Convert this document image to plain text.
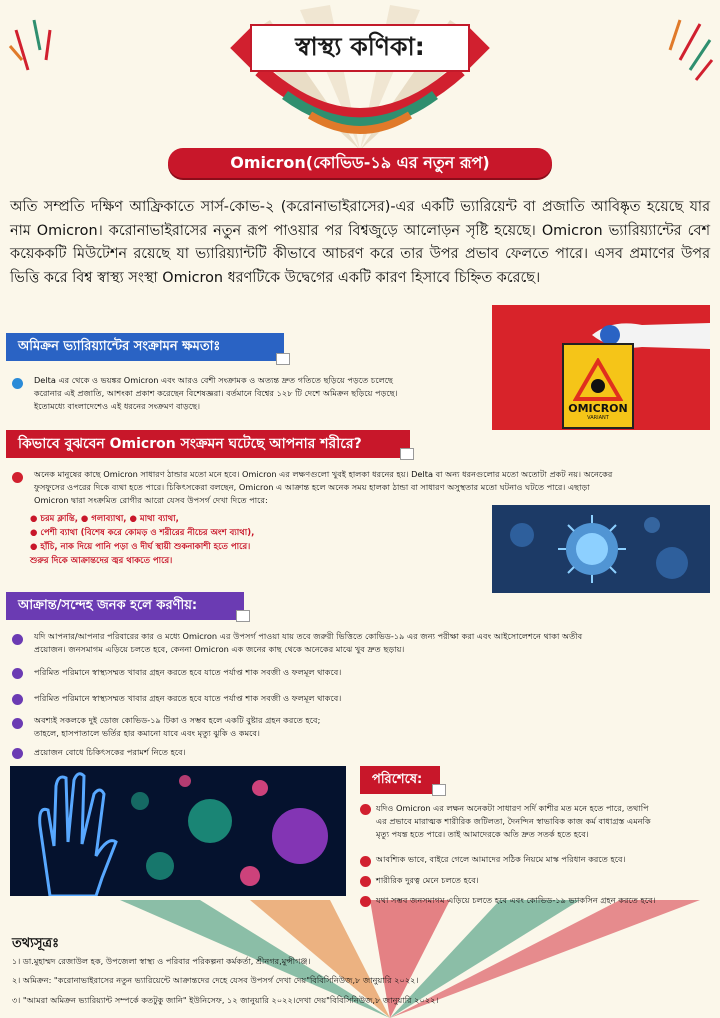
স্বাস্থ্য কণিকা:
Omicron(কোভিড-১৯ এর নতুন রূপ)

অতি সম্প্রতি দক্ষিণ আফ্রিকাতে সার্স-কোভ-২ (করোনাভাইরাসের)-এর একটি ভ্যারিয়েন্ট বা প্রজাতি আবিষ্কৃত হয়েছে যার নাম Omicron। করোনাভাইরাসের নতুন রূপ পাওয়ার পর বিশ্বজুড়ে আলোড়ন সৃষ্টি হয়েছে। Omicron ভ্যারিয়্যান্টের বেশ কয়েককটি মিউটেশন রয়েছে যা ভ্যারিয়্যান্টটি কীভাবে আচরণ করে তার উপর প্রভাব ফেলতে পারে। এসব প্রমাণের উপর ভিত্তি করে বিশ্ব স্বাস্থ্য সংস্থা Omicron ধরণটিকে উদ্বেগের একটি কারণ হিসাবে চিহ্নিত করেছে।

অমিক্রন ভ্যারিয়্যান্টের সংক্রামন ক্ষমতাঃ
Delta এর থেকে ও ভয়ঙ্কর Omicron এবং আরও বেশী সংক্রামক ও অত্যন্ত দ্রুত গতিতে ছড়িয়ে পড়তে চলেছে
করোনার এই প্রজাতি, আশংকা প্রকাশ করেছেন বিশেষজ্ঞরা। বর্তমানে বিশ্বের ১২৮ টি দেশে অমিক্রন ছড়িয়ে পড়ছে।
ইতোমধ্যে বাংলাদেশেও এই ধরনের সংক্রমণ বাড়ছে।	OMICRON
VARIANT
কিভাবে বুঝবেন Omicron সংক্রমন ঘটেছে আপনার শরীরে?
অনেক মানুষের কাছে Omicron সাধারণ ঠান্ডার মতো মনে হবে। Omicron এর লক্ষণগুলো খুবই হালকা ধরনের হয়। Delta বা অন্য ধরনগুলোর মতো অতোটা প্রকট নয়। অনেকের
ফুসফুসের ওপরের দিকে ব্যথা হতে পারে। চিকিৎসকেরা বলছেন, Omicron এ আক্রান্ত হলে অনেক সময় হালকা ঠান্ডা বা সাধারণ অসুস্থতার মতো ঘটনাও ঘটতে পারে। এছাড়া
Omicron দ্বারা সংক্রমিত রোগীর আরো যেসব উপসর্গ দেখা দিতে পারে:
● চরম ক্লান্তি, ● গলাব্যাথা, ● মাথা ব্যাথা,
● পেশী ব্যাথা (বিশেষ করে কোমড় ও শরীরের নীচের অংশ ব্যাথা),
● হাঁচি, নাক দিয়ে পানি পড়া ও দীর্ঘ স্থায়ী শুকনাকাশী হতে পারে।
শুরুর দিকে আক্রান্তদের জ্বর থাকতে পারে।
আক্রান্ত/সন্দেহ জনক হলে করণীয়:
যদি আপনার/আপনার পরিবারের কার ও মধ্যে Omicron এর উপসর্গ পাওয়া যায় তবে জরুরী ভিত্তিতে কোভিড-১৯ এর জন্য পরীক্ষা করা এবং আইসোলেশনে থাকা অতীব
প্রয়োজন। জনসমাগম এড়িয়ে চলতে হবে, কেননা Omicron এক জনের কাছ থেকে অনেকের মাঝে খুব দ্রুত ছড়ায়।
পরিমিত পরিমানে স্বাস্থ্যসম্মত খাবার গ্রহন করতে হবে যাতে পর্যাপ্ত শাক সবজী ও ফলমূল থাকবে।
পরিমিত পরিমানে স্বাস্থ্যসম্মত খাবার গ্রহন করতে হবে যাতে পর্যাপ্ত শাক সবজী ও ফলমূল থাকবে।
অবশ্যই সকলকে দুই ডোজ কোভিড-১৯ টিকা ও সম্ভব হলে একটি বুষ্টার গ্রহন করতে হবে;
তাহলে, হাসপাতালে ভর্তির হার কমানো যাবে এবং মৃত্যু ঝুকি ও কমবে।
প্রয়োজন বোধে চিকিৎসকের পরামর্শ নিতে হবে।
পরিশেষে:
যদিও Omicron এর লক্ষন অনেকটা সাধারণ সর্দি কাশীর মত মনে হতে পারে, তথাপি
এর প্রভাবে মারাত্মক শারীরিক জটিলতা, দৈনন্দিন স্বাভাবিক কাজ কর্ম বাধাগ্রস্ত এমনকি
মৃত্যু পযন্ত হতে পারে। তাই আমাদেরকে অতি দ্রুত সতর্ক হতে হবে।
আবশ্যিক ভাবে, বাইরে গেলে আমাদের সঠিক নিয়মে মাস্ক পরিধান করতে হবে।
শারীরিক দুরত্ব মেনে চলতে হবে।
যথা সম্ভব জনসমাগম এড়িয়ে চলতে হবে এবং কোভিড-১৯ ভ্যাকসিন গ্রহন করতে হবে।
তথ্যসূত্রঃ
১। ডা.মুহাম্মদ রেজাউল হক, উপজেলা স্বাস্থ্য ও পরিবার পরিকল্পনা কর্মকর্তা, শ্রীনগর,মুন্সীগঞ্জ।
২। অমিক্রন: "করোনাভাইরাসের নতুন ভ্যারিয়েন্টে আক্রান্তদের দেহে যেসব উপসর্গ দেখা দেয়"বিবিসিনিউজ,৮ জানুয়ারি ২০২২।
৩। "আমরা অমিক্রন ভ্যারিয়্যান্ট সম্পর্কে কতটুকু জানি" ইউনিসেফ, ১২ জানুয়ারি ২০২২।দেখা দেয়"বিবিসিনিউজ,৮ জানুয়ারি ২০২২।
